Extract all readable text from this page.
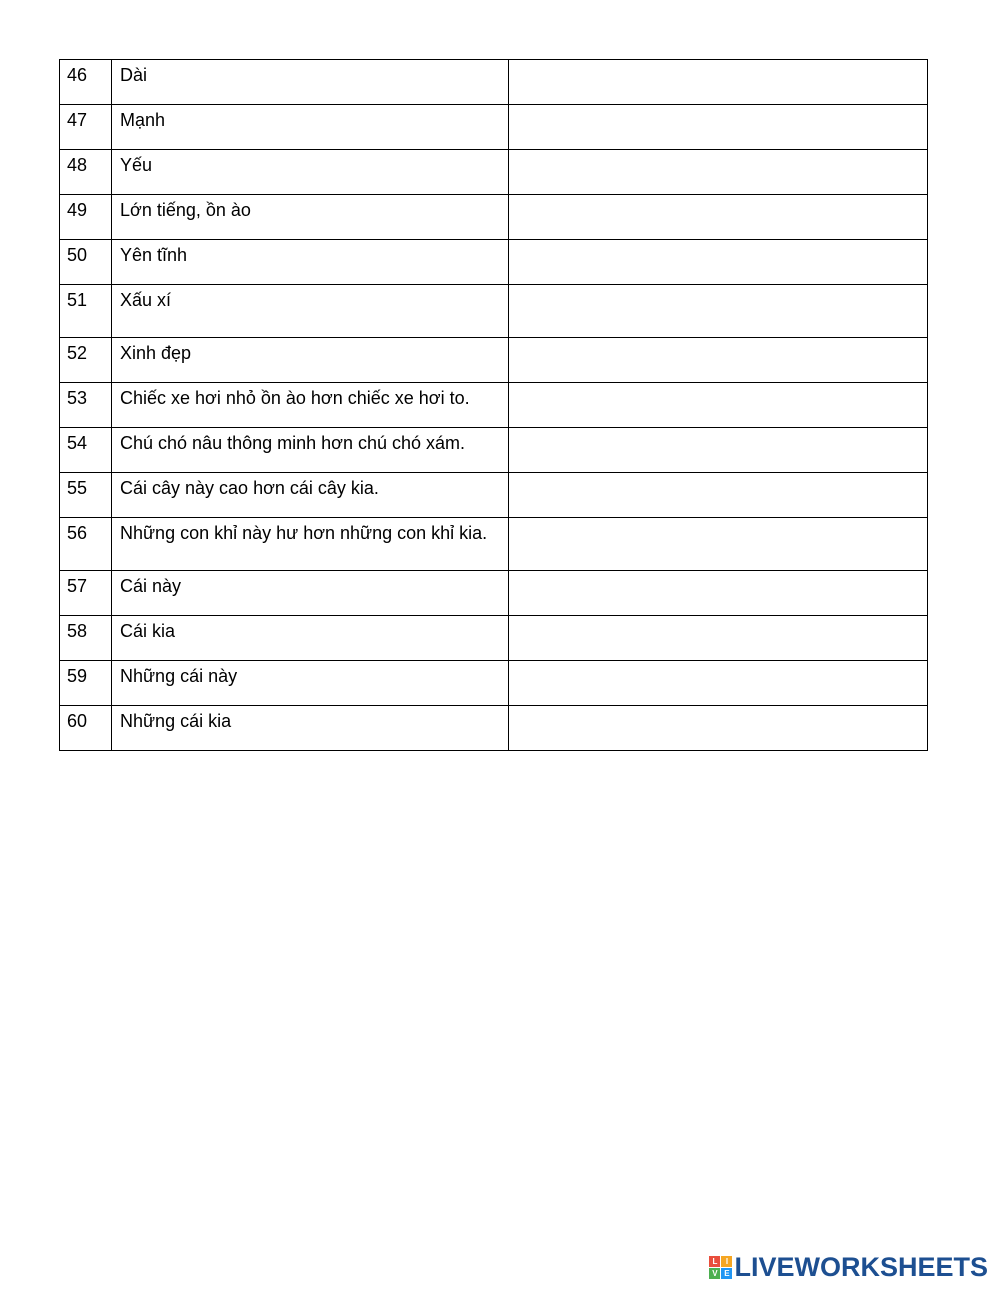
46	Dài	

47	Mạnh	

48	Yếu	

49	Lớn tiếng, ồn ào	

50	Yên tĩnh	

51	Xấu xí	

52	Xinh đẹp	

53	Chiếc xe hơi nhỏ ồn ào hơn chiếc xe hơi to.	

54	Chú chó nâu thông minh hơn chú chó xám.	

55	Cái cây này cao hơn cái cây kia.	

56	Những con khỉ này hư hơn những con khỉ kia.	

57	Cái này	

58	Cái kia	

59	Những cái này	

60	Những cái kia	
L	I
V E LIVEWORKSHEETS
